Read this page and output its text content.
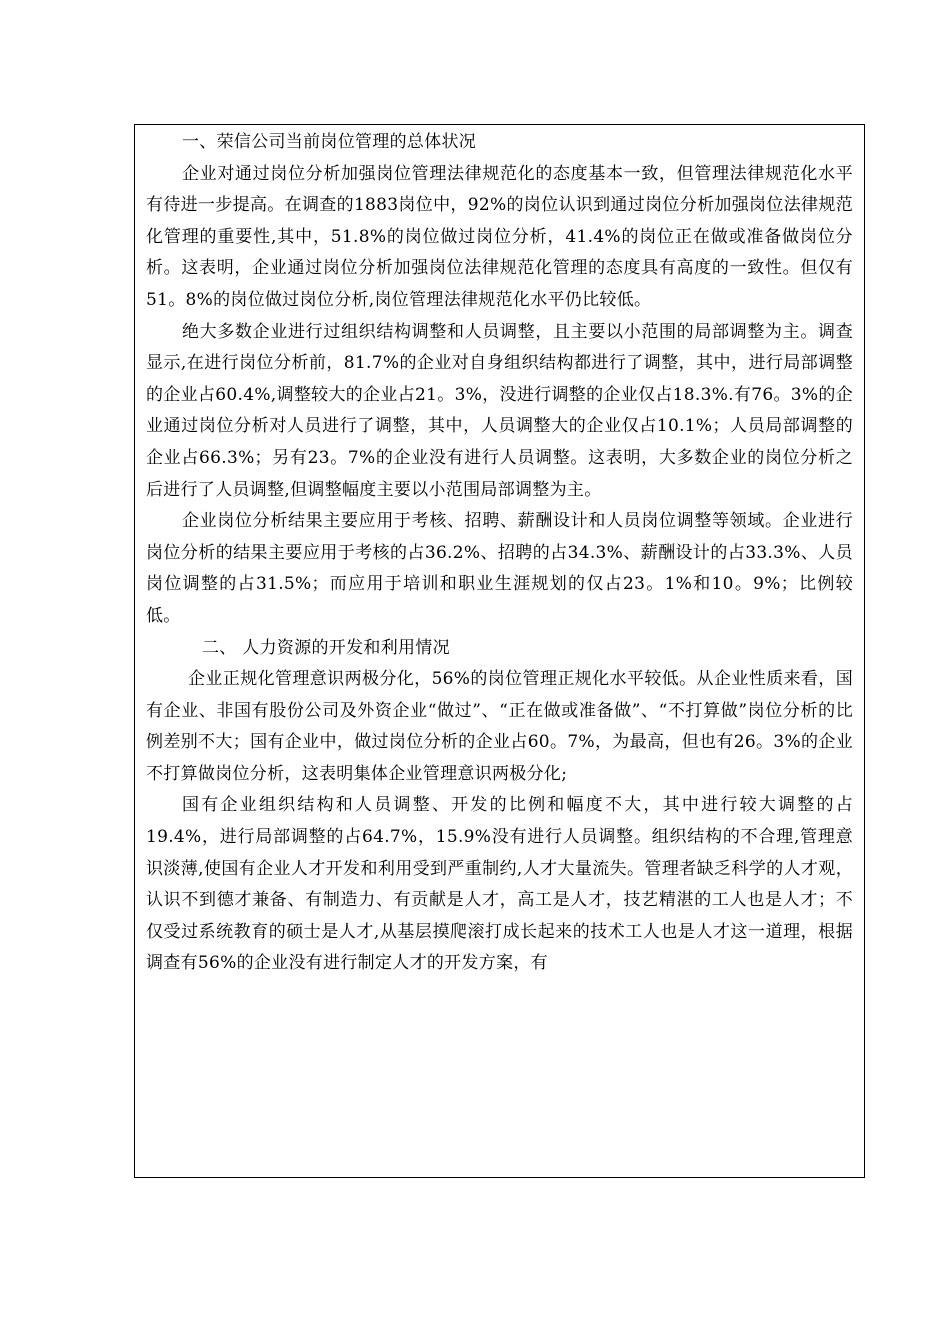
一、荣信公司当前岗位管理的总体状况

企业对通过岗位分析加强岗位管理法律规范化的态度基本一致，但管理法律规范化水平有待进一步提高。在调查的1883岗位中，92%的岗位认识到通过岗位分析加强岗位法律规范化管理的重要性,其中，51.8%的岗位做过岗位分析，41.4%的岗位正在做或准备做岗位分析。这表明，企业通过岗位分析加强岗位法律规范化管理的态度具有高度的一致性。但仅有51。8%的岗位做过岗位分析,岗位管理法律规范化水平仍比较低。

绝大多数企业进行过组织结构调整和人员调整，且主要以小范围的局部调整为主。调查显示,在进行岗位分析前，81.7%的企业对自身组织结构都进行了调整，其中，进行局部调整的企业占60.4%,调整较大的企业占21。3%，没进行调整的企业仅占18.3%.有76。3%的企业通过岗位分析对人员进行了调整，其中，人员调整大的企业仅占10.1%；人员局部调整的企业占66.3%；另有23。7%的企业没有进行人员调整。这表明，大多数企业的岗位分析之后进行了人员调整,但调整幅度主要以小范围局部调整为主。

企业岗位分析结果主要应用于考核、招聘、薪酬设计和人员岗位调整等领域。企业进行岗位分析的结果主要应用于考核的占36.2%、招聘的占34.3%、薪酬设计的占33.3%、人员岗位调整的占31.5%；而应用于培训和职业生涯规划的仅占23。1%和10。9%；比例较低。

二、 人力资源的开发和利用情况

企业正规化管理意识两极分化，56%的岗位管理正规化水平较低。从企业性质来看，国有企业、非国有股份公司及外资企业“做过”、“正在做或准备做”、“不打算做”岗位分析的比例差别不大；国有企业中，做过岗位分析的企业占60。7%，为最高，但也有26。3%的企业不打算做岗位分析，这表明集体企业管理意识两极分化;

国有企业组织结构和人员调整、开发的比例和幅度不大，其中进行较大调整的占19.4%，进行局部调整的占64.7%，15.9%没有进行人员调整。组织结构的不合理,管理意识淡薄,使国有企业人才开发和利用受到严重制约,人才大量流失。管理者缺乏科学的人才观，认识不到德才兼备、有制造力、有贡献是人才，高工是人才，技艺精湛的工人也是人才；不仅受过系统教育的硕士是人才,从基层摸爬滚打成长起来的技术工人也是人才这一道理，根据调查有56%的企业没有进行制定人才的开发方案，有
